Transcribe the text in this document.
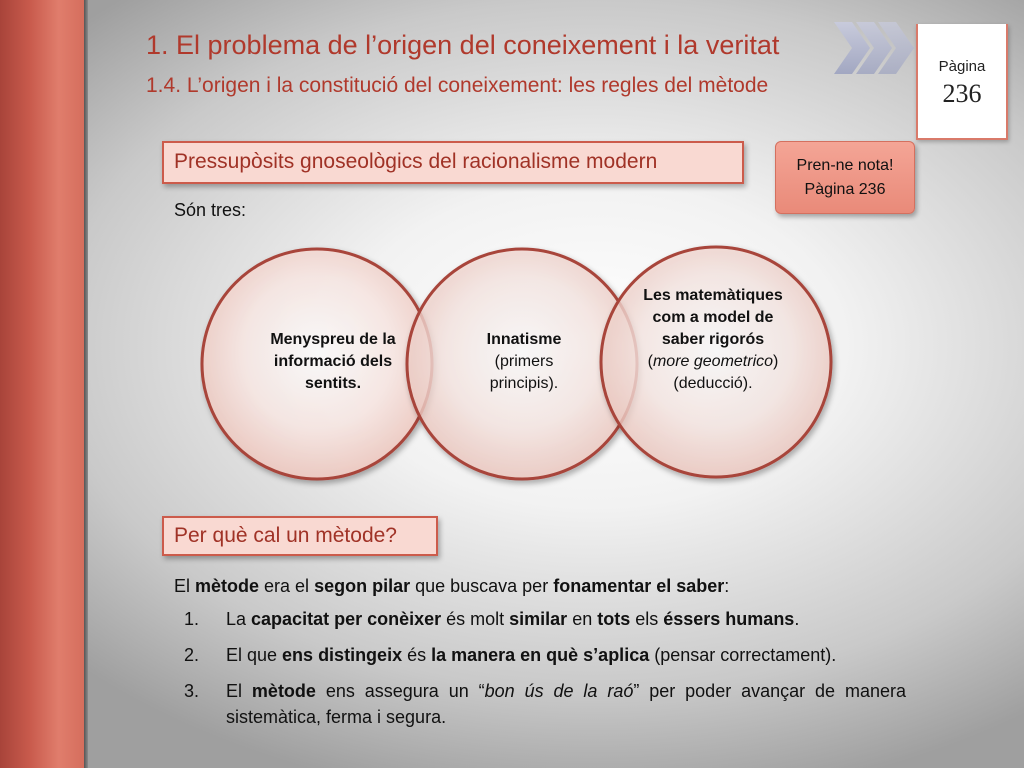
1. El problema de l’origen del coneixement i la veritat
1.4. L’origen i la constitució del coneixement: les regles del mètode
Pàgina
236
Pressupòsits gnoseològics del racionalisme modern	Pren-ne nota!
Pàgina 236

Són tres:

Menyspreu de la informació dels sentits.
Innatisme (primers principis).
Les matemàtiques com a model de saber rigorós (more geometrico) (deducció).
Per què cal un mètode?

El mètode era el segon pilar que buscava per fonamentar el saber:

1. La capacitat per conèixer és molt similar en tots els éssers humans.
2. El que ens distingeix és la manera en què s’aplica (pensar correctament).
3. El mètode ens assegura un “bon ús de la raó” per poder avançar de manera sistemàtica, ferma i segura.
